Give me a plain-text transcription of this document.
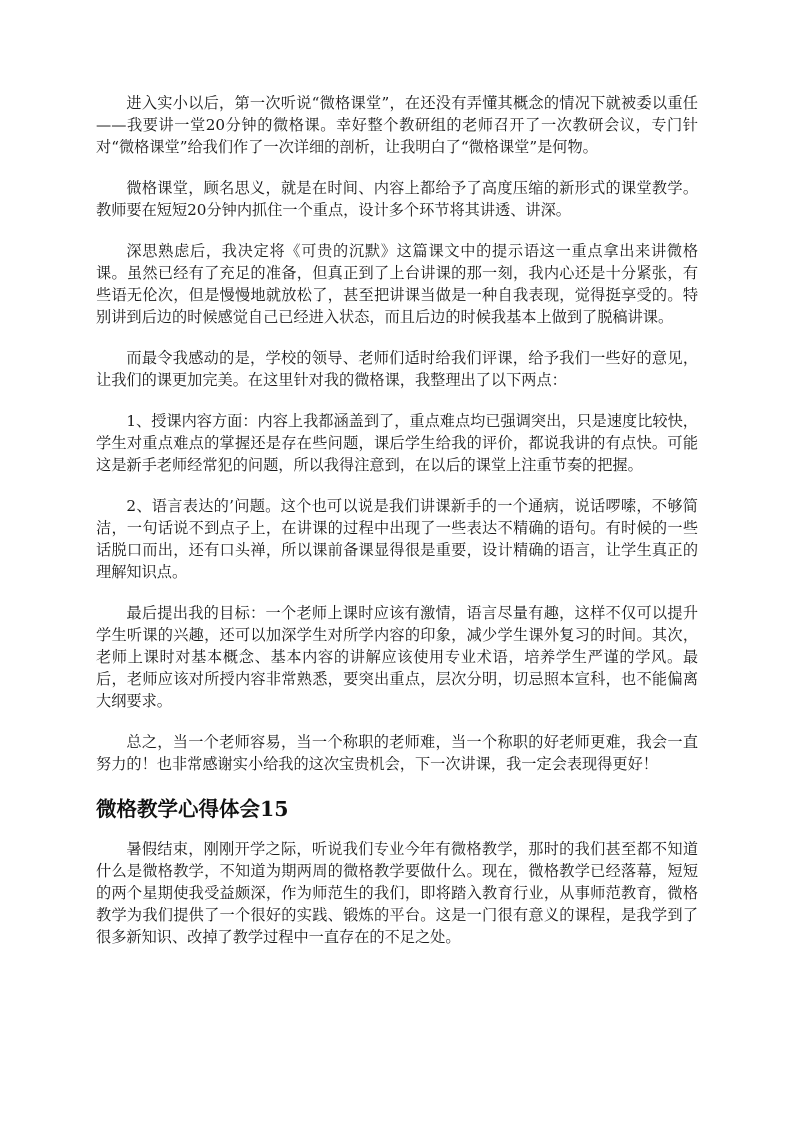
进入实小以后，第一次听说“微格课堂”，在还没有弄懂其概念的情况下就被委以重任——我要讲一堂20分钟的微格课。幸好整个教研组的老师召开了一次教研会议，专门针对“微格课堂”给我们作了一次详细的剖析，让我明白了“微格课堂”是何物。

微格课堂，顾名思义，就是在时间、内容上都给予了高度压缩的新形式的课堂教学。教师要在短短20分钟内抓住一个重点，设计多个环节将其讲透、讲深。

深思熟虑后，我决定将《可贵的沉默》这篇课文中的提示语这一重点拿出来讲微格课。虽然已经有了充足的准备，但真正到了上台讲课的那一刻，我内心还是十分紧张，有些语无伦次，但是慢慢地就放松了，甚至把讲课当做是一种自我表现，觉得挺享受的。特别讲到后边的时候感觉自己已经进入状态，而且后边的时候我基本上做到了脱稿讲课。

而最令我感动的是，学校的领导、老师们适时给我们评课，给予我们一些好的意见，让我们的课更加完美。在这里针对我的微格课，我整理出了以下两点：

1、授课内容方面：内容上我都涵盖到了，重点难点均已强调突出，只是速度比较快，学生对重点难点的掌握还是存在些问题，课后学生给我的评价，都说我讲的有点快。可能这是新手老师经常犯的问题，所以我得注意到，在以后的课堂上注重节奏的把握。

2、语言表达的’问题。这个也可以说是我们讲课新手的一个通病，说话啰嗦，不够简洁，一句话说不到点子上，在讲课的过程中出现了一些表达不精确的语句。有时候的一些话脱口而出，还有口头禅，所以课前备课显得很是重要，设计精确的语言，让学生真正的理解知识点。

最后提出我的目标：一个老师上课时应该有激情，语言尽量有趣，这样不仅可以提升学生听课的兴趣，还可以加深学生对所学内容的印象，减少学生课外复习的时间。其次，老师上课时对基本概念、基本内容的讲解应该使用专业术语，培养学生严谨的学风。最后，老师应该对所授内容非常熟悉，要突出重点，层次分明，切忌照本宣科，也不能偏离大纲要求。

总之，当一个老师容易，当一个称职的老师难，当一个称职的好老师更难，我会一直努力的！也非常感谢实小给我的这次宝贵机会，下一次讲课，我一定会表现得更好！

微格教学心得体会15

暑假结束，刚刚开学之际，听说我们专业今年有微格教学，那时的我们甚至都不知道什么是微格教学，不知道为期两周的微格教学要做什么。现在，微格教学已经落幕，短短的两个星期使我受益颇深，作为师范生的我们，即将踏入教育行业，从事师范教育，微格教学为我们提供了一个很好的实践、锻炼的平台。这是一门很有意义的课程，是我学到了很多新知识、改掉了教学过程中一直存在的不足之处。
